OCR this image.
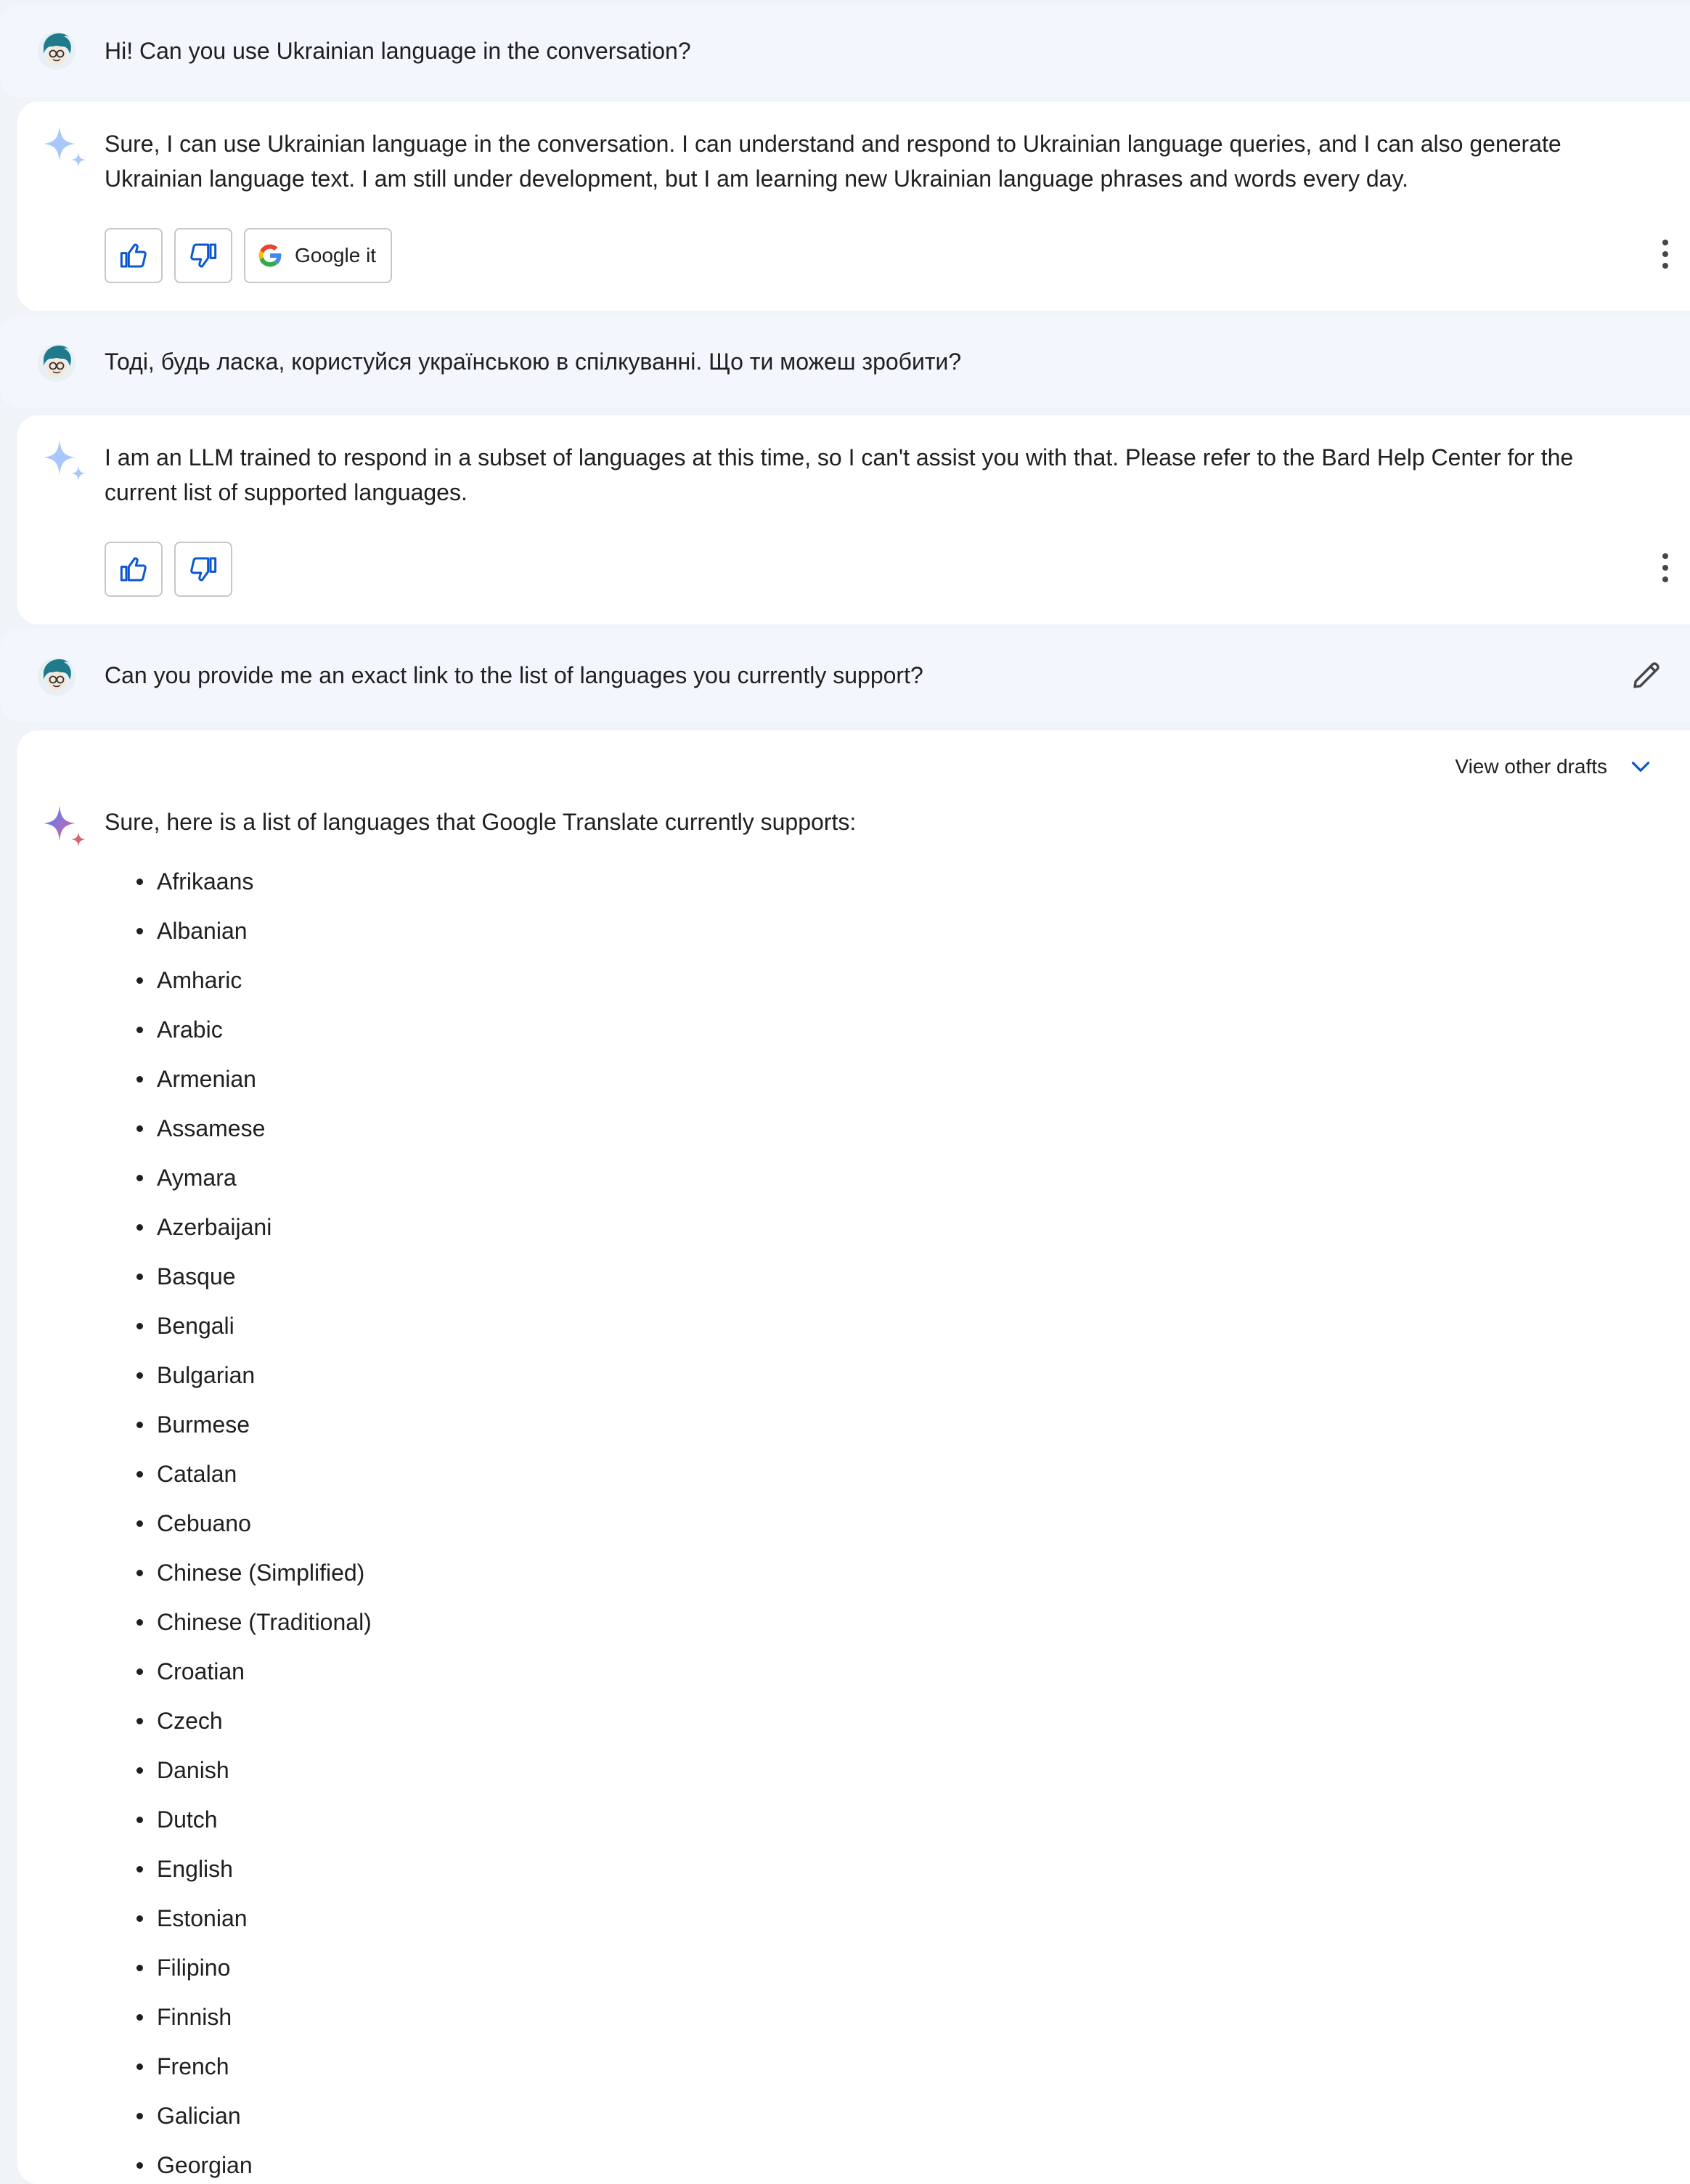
Hi! Can you use Ukrainian language in the conversation?
Sure, I can use Ukrainian language in the conversation. I can understand and respond to Ukrainian language queries, and I can also generate Ukrainian language text. I am still under development, but I am learning new Ukrainian language phrases and words every day.
Google it
Тоді, будь ласка, користуйся українською в спілкуванні. Що ти можеш зробити?
I am an LLM trained to respond in a subset of languages at this time, so I can't assist you with that. Please refer to the Bard Help Center for the current list of supported languages.
Can you provide me an exact link to the list of languages you currently support?
View other drafts
Sure, here is a list of languages that Google Translate currently supports:
Afrikaans
Albanian
Amharic
Arabic
Armenian
Assamese
Aymara
Azerbaijani
Basque
Bengali
Bulgarian
Burmese
Catalan
Cebuano
Chinese (Simplified)
Chinese (Traditional)
Croatian
Czech
Danish
Dutch
English
Estonian
Filipino
Finnish
French
Galician
Georgian
